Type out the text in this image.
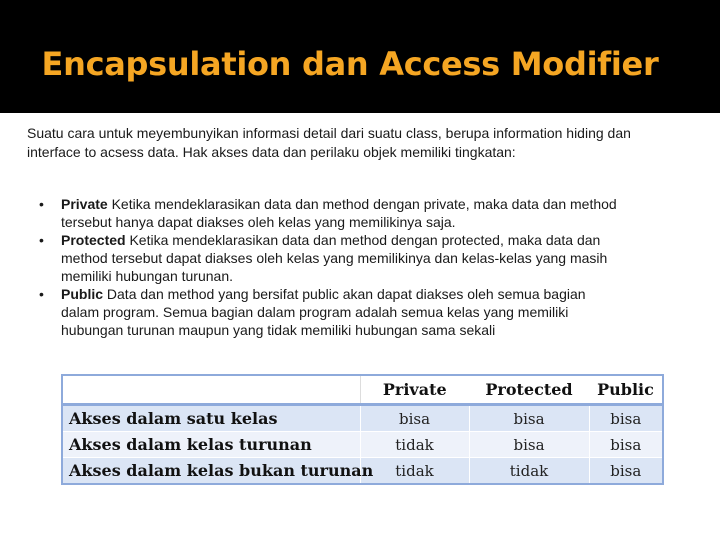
Encapsulation dan Access Modifier

Suatu cara untuk meyembunyikan informasi detail dari suatu class, berupa information hiding dan interface to acsess data. Hak akses data dan perilaku objek memiliki tingkatan:

• Private Ketika mendeklarasikan data dan method dengan private, maka data dan method tersebut hanya dapat diakses oleh kelas yang memilikinya saja.
• Protected Ketika mendeklarasikan data dan method dengan protected, maka data dan method tersebut dapat diakses oleh kelas yang memilikinya dan kelas-kelas yang masih memiliki hubungan turunan.
• Public Data dan method yang bersifat public akan dapat diakses oleh semua bagian dalam program. Semua bagian dalam program adalah semua kelas yang memiliki hubungan turunan maupun yang tidak memiliki hubungan sama sekali
	Private	Protected	Public
Akses dalam satu kelas	bisa	bisa	bisa
Akses dalam kelas turunan	tidak	bisa	bisa
Akses dalam kelas bukan turunan	tidak	tidak	bisa
